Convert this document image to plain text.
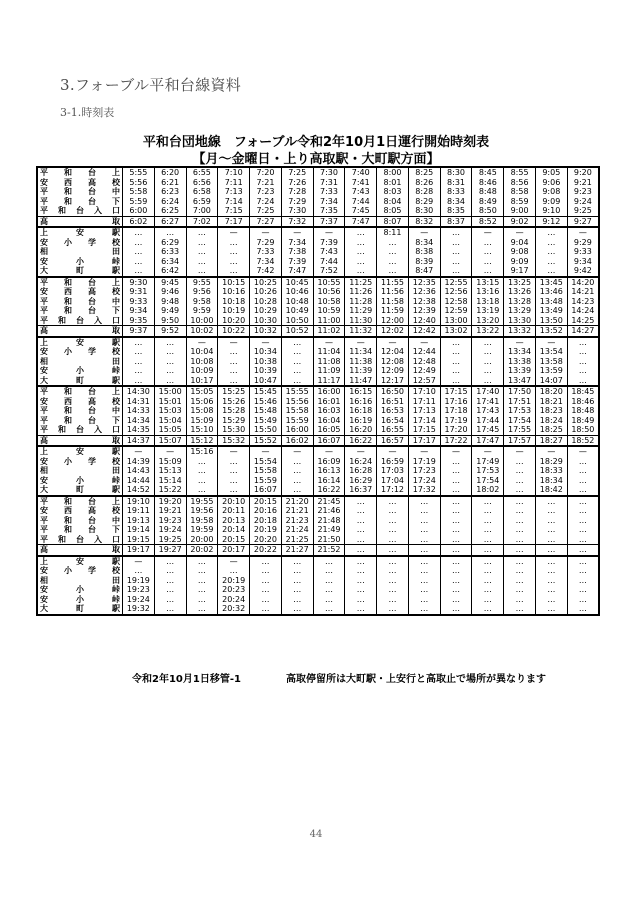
3.フォーブル平和台線資料
3-1.時刻表
平和台団地線　フォーブル令和2年10月1日運行開始時刻表
【月～金曜日・上り高取駅・大町駅方面】
平和台上	5:55	6:20	6:55	7:10	7:20	7:25	7:30	7:40	8:00	8:25	8:30	8:45	8:55	9:05	9:20
安西高校	5:56	6:21	6:56	7:11	7:21	7:26	7:31	7:41	8:01	8:26	8:31	8:46	8:56	9:06	9:21
平和台中	5:58	6:23	6:58	7:13	7:23	7:28	7:33	7:43	8:03	8:28	8:33	8:48	8:58	9:08	9:23
平和台下	5:59	6:24	6:59	7:14	7:24	7:29	7:34	7:44	8:04	8:29	8:34	8:49	8:59	9:09	9:24
平和台入口	6:00	6:25	7:00	7:15	7:25	7:30	7:35	7:45	8:05	8:30	8:35	8:50	9:00	9:10	9:25
高取	6:02	6:27	7:02	7:17	7:27	7:32	7:37	7:47	8:07	8:32	8:37	8:52	9:02	9:12	9:27
上安駅	…	…	…	—	—	—	—	…	8:11	—	…	—	—	…	—
安小学校	…	6:29	…	…	7:29	7:34	7:39	…	…	8:34	…	…	9:04	…	9:29
相田	…	6:33	…	…	7:33	7:38	7:43	…	…	8:38	…	…	9:08	…	9:33
安小峠	…	6:34	…	…	7:34	7:39	7:44	…	…	8:39	…	…	9:09	…	9:34
大町駅	…	6:42	…	…	7:42	7:47	7:52	…	…	8:47	…	…	9:17	…	9:42
平和台上	9:30	9:45	9:55	10:15	10:25	10:45	10:55	11:25	11:55	12:35	12:55	13:15	13:25	13:45	14:20
安西高校	9:31	9:46	9:56	10:16	10:26	10:46	10:56	11:26	11:56	12:36	12:56	13:16	13:26	13:46	14:21
平和台中	9:33	9:48	9:58	10:18	10:28	10:48	10:58	11:28	11:58	12:38	12:58	13:18	13:28	13:48	14:23
平和台下	9:34	9:49	9:59	10:19	10:29	10:49	10:59	11:29	11:59	12:39	12:59	13:19	13:29	13:49	14:24
平和台入口	9:35	9:50	10:00	10:20	10:30	10:50	11:00	11:30	12:00	12:40	13:00	13:20	13:30	13:50	14:25
高取	9:37	9:52	10:02	10:22	10:32	10:52	11:02	11:32	12:02	12:42	13:02	13:22	13:32	13:52	14:27
上安駅	…	…	—	—	—	…	—	—	—	—	…	…	—	—	…
安小学校	…	…	10:04	…	10:34	…	11:04	11:34	12:04	12:44	…	…	13:34	13:54	…
相田	…	…	10:08	…	10:38	…	11:08	11:38	12:08	12:48	…	…	13:38	13:58	…
安小峠	…	…	10:09	…	10:39	…	11:09	11:39	12:09	12:49	…	…	13:39	13:59	…
大町駅	…	…	10:17	…	10:47	…	11:17	11:47	12:17	12:57	…	…	13:47	14:07	…
平和台上	14:30	15:00	15:05	15:25	15:45	15:55	16:00	16:15	16:50	17:10	17:15	17:40	17:50	18:20	18:45
安西高校	14:31	15:01	15:06	15:26	15:46	15:56	16:01	16:16	16:51	17:11	17:16	17:41	17:51	18:21	18:46
平和台中	14:33	15:03	15:08	15:28	15:48	15:58	16:03	16:18	16:53	17:13	17:18	17:43	17:53	18:23	18:48
平和台下	14:34	15:04	15:09	15:29	15:49	15:59	16:04	16:19	16:54	17:14	17:19	17:44	17:54	18:24	18:49
平和台入口	14:35	15:05	15:10	15:30	15:50	16:00	16:05	16:20	16:55	17:15	17:20	17:45	17:55	18:25	18:50
高取	14:37	15:07	15:12	15:32	15:52	16:02	16:07	16:22	16:57	17:17	17:22	17:47	17:57	18:27	18:52
上安駅	—	—	15:16	—	—	—	—	—	—	—	—	—	—	—	—
安小学校	14:39	15:09	…	…	15:54	…	16:09	16:24	16:59	17:19	…	17:49	…	18:29	…
相田	14:43	15:13	…	…	15:58	…	16:13	16:28	17:03	17:23	…	17:53	…	18:33	…
安小峠	14:44	15:14	…	…	15:59	…	16:14	16:29	17:04	17:24	…	17:54	…	18:34	…
大町駅	14:52	15:22	…	…	16:07	…	16:22	16:37	17:12	17:32	…	18:02	…	18:42	…
平和台上	19:10	19:20	19:55	20:10	20:15	21:20	21:45	…	…	…	…	…	…	…	…
安西高校	19:11	19:21	19:56	20:11	20:16	21:21	21:46	…	…	…	…	…	…	…	…
平和台中	19:13	19:23	19:58	20:13	20:18	21:23	21:48	…	…	…	…	…	…	…	…
平和台下	19:14	19:24	19:59	20:14	20:19	21:24	21:49	…	…	…	…	…	…	…	…
平和台入口	19:15	19:25	20:00	20:15	20:20	21:25	21:50	…	…	…	…	…	…	…	…
高取	19:17	19:27	20:02	20:17	20:22	21:27	21:52	…	…	…	…	…	…	…	…
上安駅	—	…	…	—	…	…	…	…	…	…	…	…	…	…	…
安小学校	…	…	…	…	…	…	…	…	…	…	…	…	…	…	…
相田	19:19	…	…	20:19	…	…	…	…	…	…	…	…	…	…	…
安小峠	19:23	…	…	20:23	…	…	…	…	…	…	…	…	…	…	…
安小峠	19:24	…	…	20:24	…	…	…	…	…	…	…	…	…	…	…
大町駅	19:32	…	…	20:32	…	…	…	…	…	…	…	…	…	…	…
令和2年10月1日移管-1	高取停留所は大町駅・上安行と高取止で場所が異なります
44
